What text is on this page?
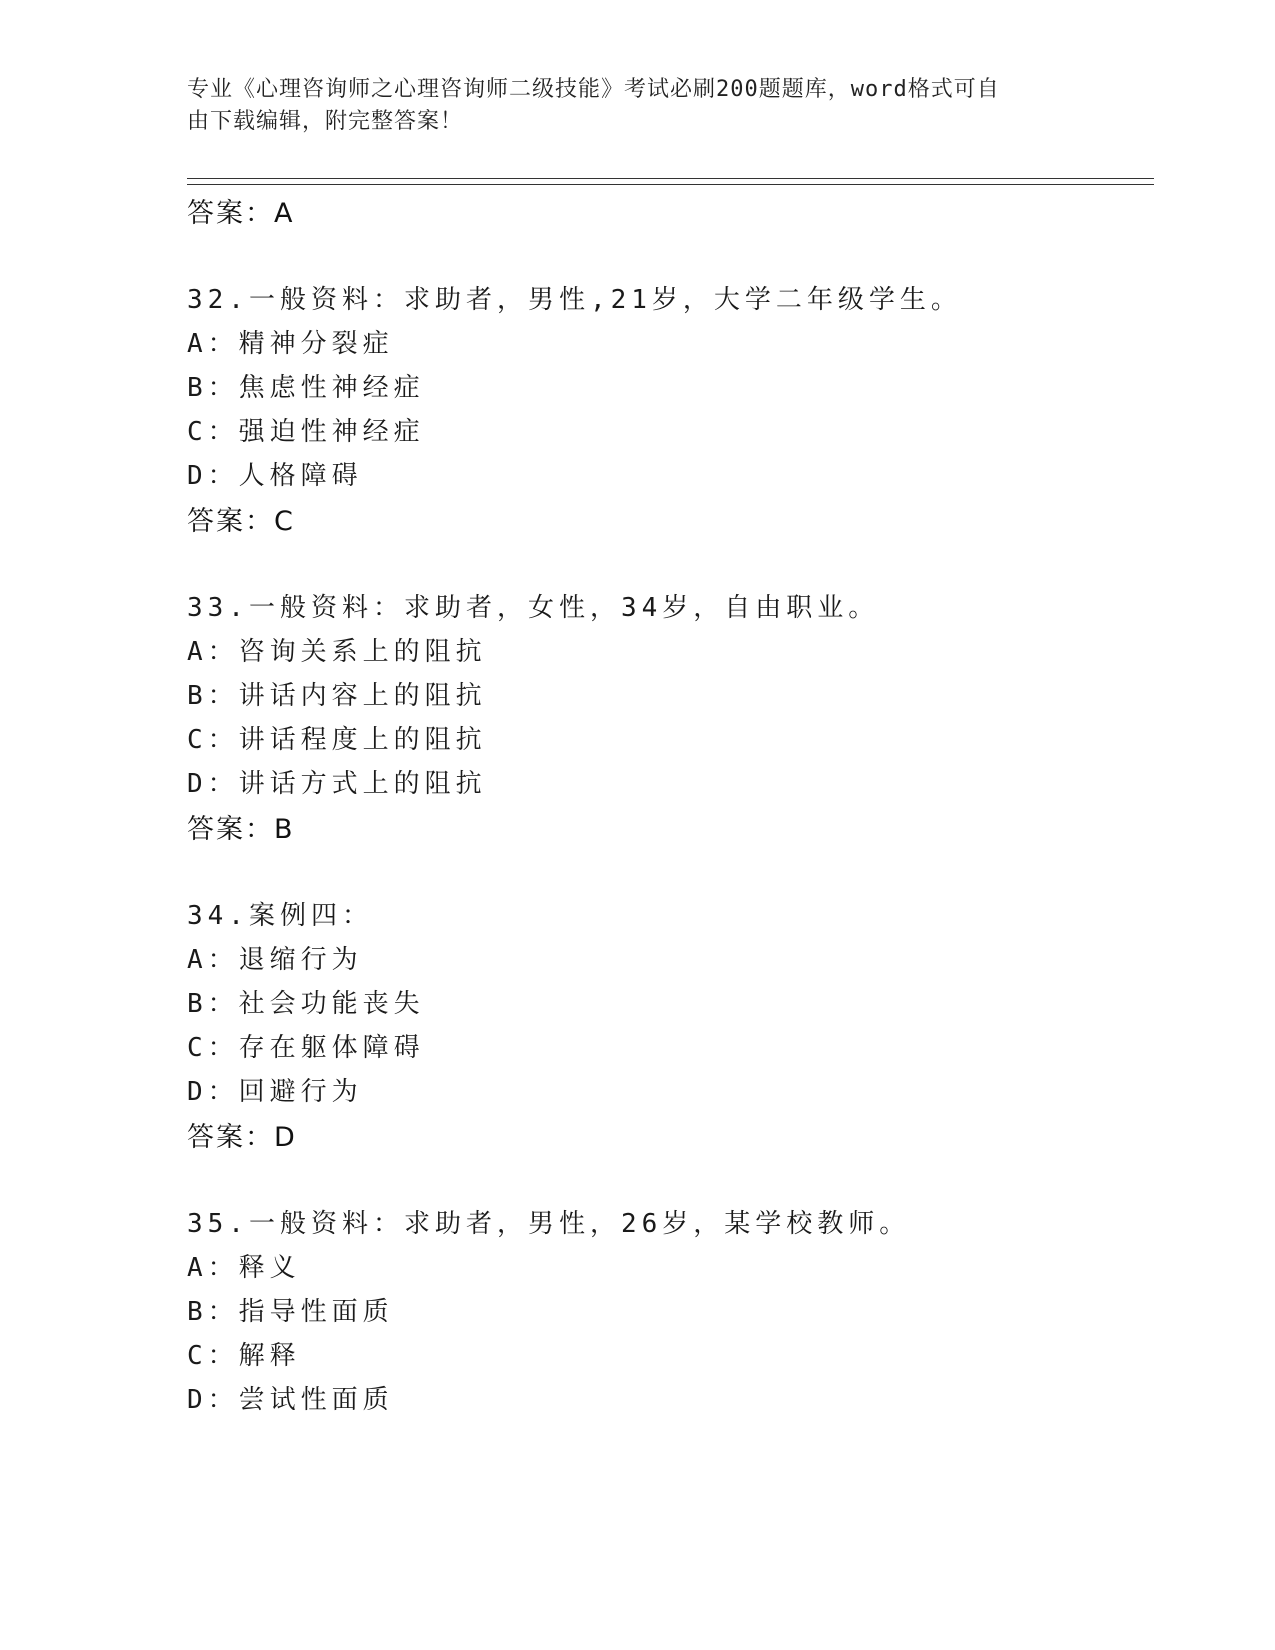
专业《心理咨询师之心理咨询师二级技能》考试必刷200题题库，word格式可自
由下载编辑，附完整答案！
答案：A
32.一般资料：求助者，男性,21岁，大学二年级学生。
A：精神分裂症
B：焦虑性神经症
C：强迫性神经症
D：人格障碍
答案：C
33.一般资料：求助者，女性，34岁，自由职业。
A：咨询关系上的阻抗
B：讲话内容上的阻抗
C：讲话程度上的阻抗
D：讲话方式上的阻抗
答案：B
34.案例四：
A：退缩行为
B：社会功能丧失
C：存在躯体障碍
D：回避行为
答案：D
35.一般资料：求助者，男性，26岁，某学校教师。
A：释义
B：指导性面质
C：解释
D：尝试性面质
